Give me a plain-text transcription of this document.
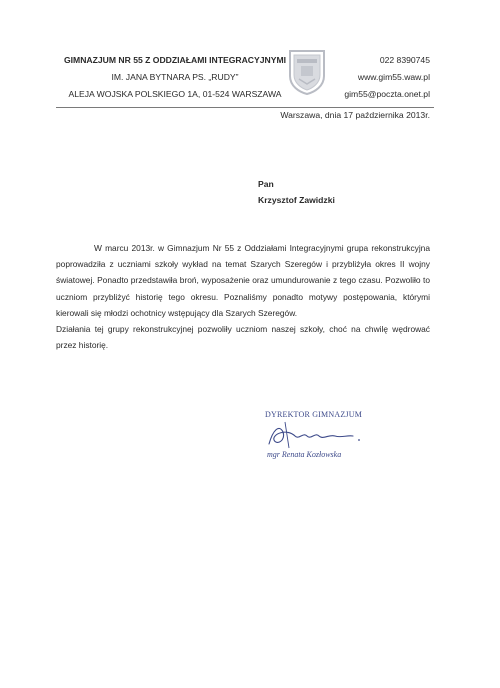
GIMNAZJUM NR 55 Z ODDZIAŁAMI INTEGRACYJNYMI
IM. JANA BYTNARA PS. „RUDY”
ALEJA WOJSKA POLSKIEGO 1A, 01-524 WARSZAWA
022 8390745
www.gim55.waw.pl
gim55@poczta.onet.pl
Warszawa, dnia 17 października 2013r.
Pan
Krzysztof Zawidzki

W marcu 2013r. w Gimnazjum Nr 55 z Oddziałami Integracyjnymi grupa rekonstrukcyjna poprowadziła z uczniami szkoły wykład na temat Szarych Szeregów i przybliżyła okres II wojny światowej. Ponadto przedstawiła broń, wyposażenie oraz umundurowanie z tego czasu. Pozwoliło to uczniom przybliżyć historię tego okresu. Poznaliśmy ponadto motywy postępowania, którymi kierowali się młodzi ochotnicy wstępujący dla Szarych Szeregów.

Działania tej grupy rekonstrukcyjnej pozwoliły uczniom naszej szkoły, choć na chwilę wędrować przez historię.

DYREKTOR GIMNAZJUM
mgr Renata Kozłowska
